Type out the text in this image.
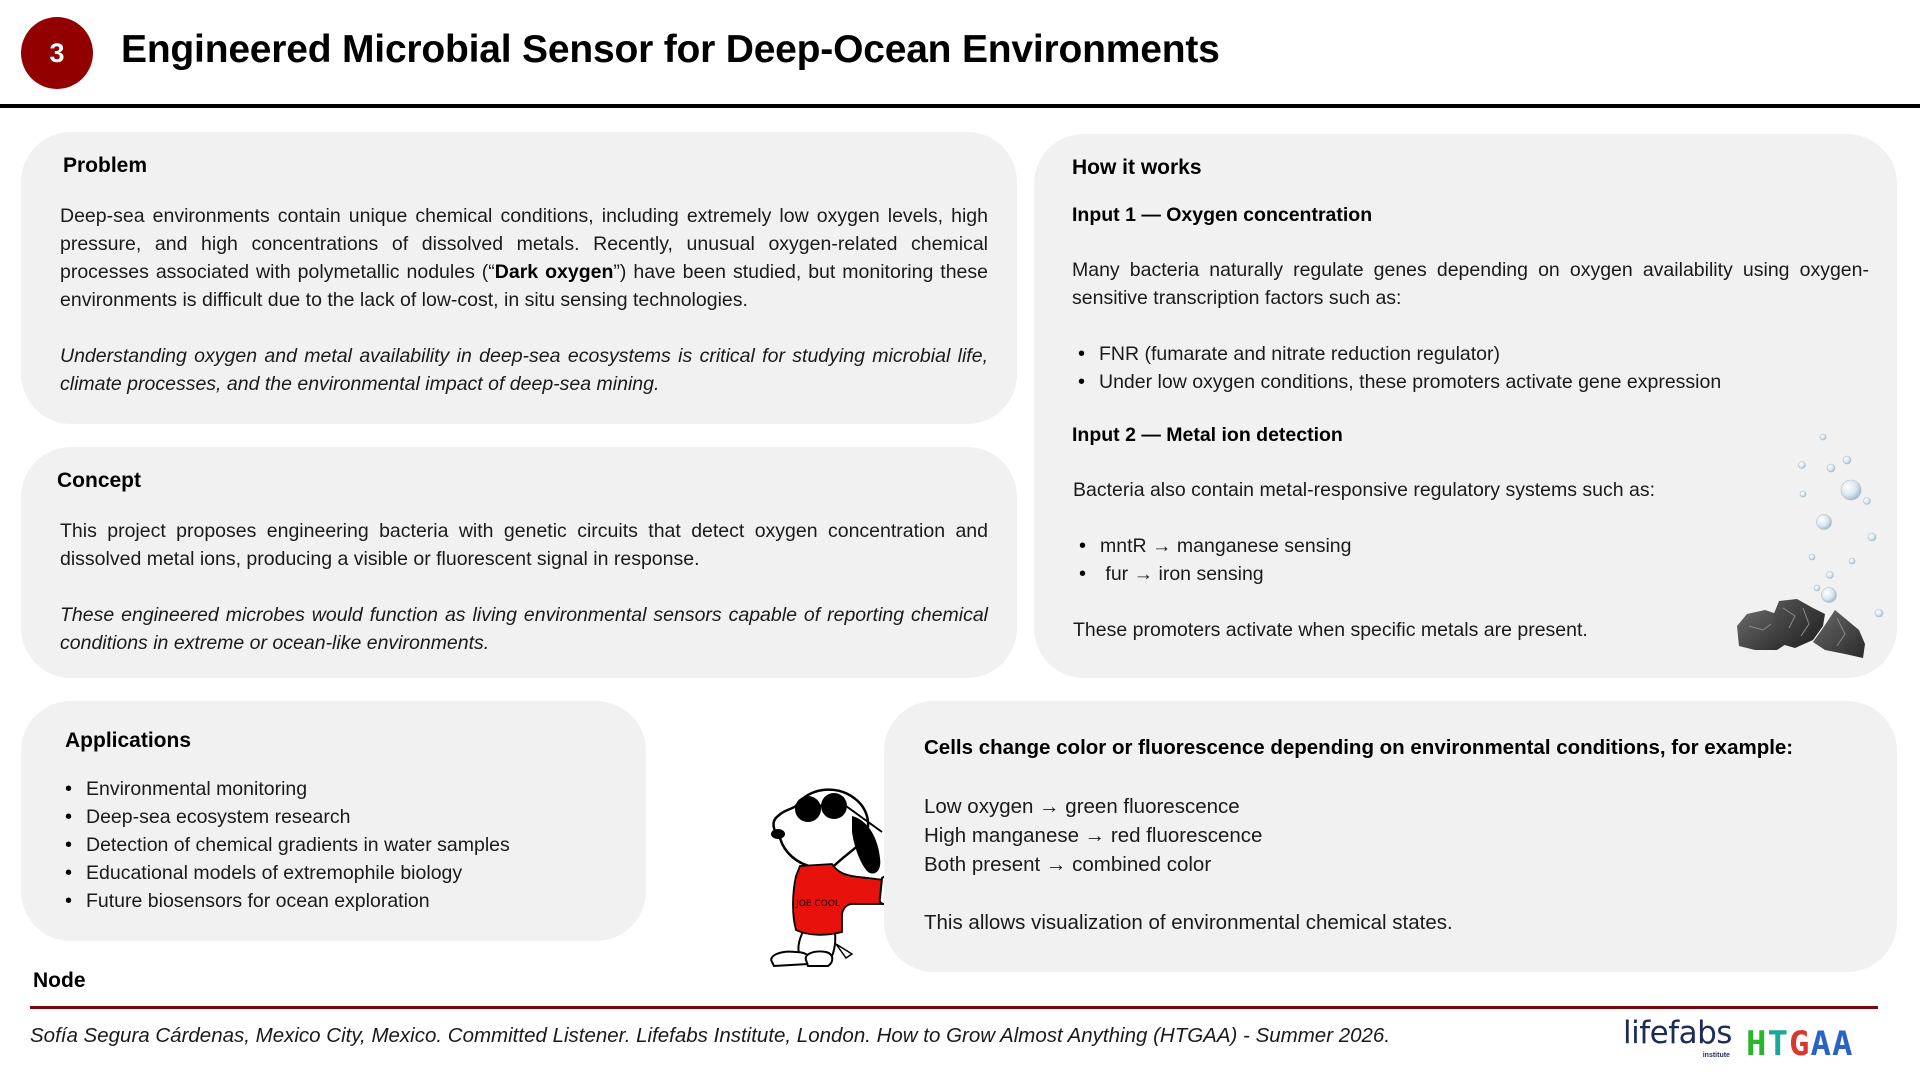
3 Engineered Microbial Sensor for Deep-Ocean Environments
Problem

Deep-sea environments contain unique chemical conditions, including extremely low oxygen levels, high pressure, and high concentrations of dissolved metals. Recently, unusual oxygen-related chemical processes associated with polymetallic nodules (“Dark oxygen”) have been studied, but monitoring these environments is difficult due to the lack of low-cost, in situ sensing technologies.

Understanding oxygen and metal availability in deep-sea ecosystems is critical for studying microbial life, climate processes, and the environmental impact of deep-sea mining.

Concept

This project proposes engineering bacteria with genetic circuits that detect oxygen concentration and dissolved metal ions, producing a visible or fluorescent signal in response.

These engineered microbes would function as living environmental sensors capable of reporting chemical conditions in extreme or ocean-like environments.

How it works
Input 1 — Oxygen concentration

Many bacteria naturally regulate genes depending on oxygen availability using oxygen-sensitive transcription factors such as:

• FNR (fumarate and nitrate reduction regulator)
• Under low oxygen conditions, these promoters activate gene expression
Input 2 — Metal ion detection

Bacteria also contain metal-responsive regulatory systems such as:

• mntR → manganese sensing
•  fur → iron sensing

These promoters activate when specific metals are present.

Applications
• Environmental monitoring
• Deep-sea ecosystem research
• Detection of chemical gradients in water samples
• Educational models of extremophile biology
• Future biosensors for ocean exploration	JOE COOL
Cells change color or fluorescence depending on environmental conditions, for example:

Low oxygen → green fluorescence

High manganese → red fluorescence

Both present → combined color

This allows visualization of environmental chemical states.

Node
Sofía Segura Cárdenas, Mexico City, Mexico. Committed Listener. Lifefabs Institute, London. How to Grow Almost Anything (HTGAA) - Summer 2026.	lifefabs
institute H T G A A
